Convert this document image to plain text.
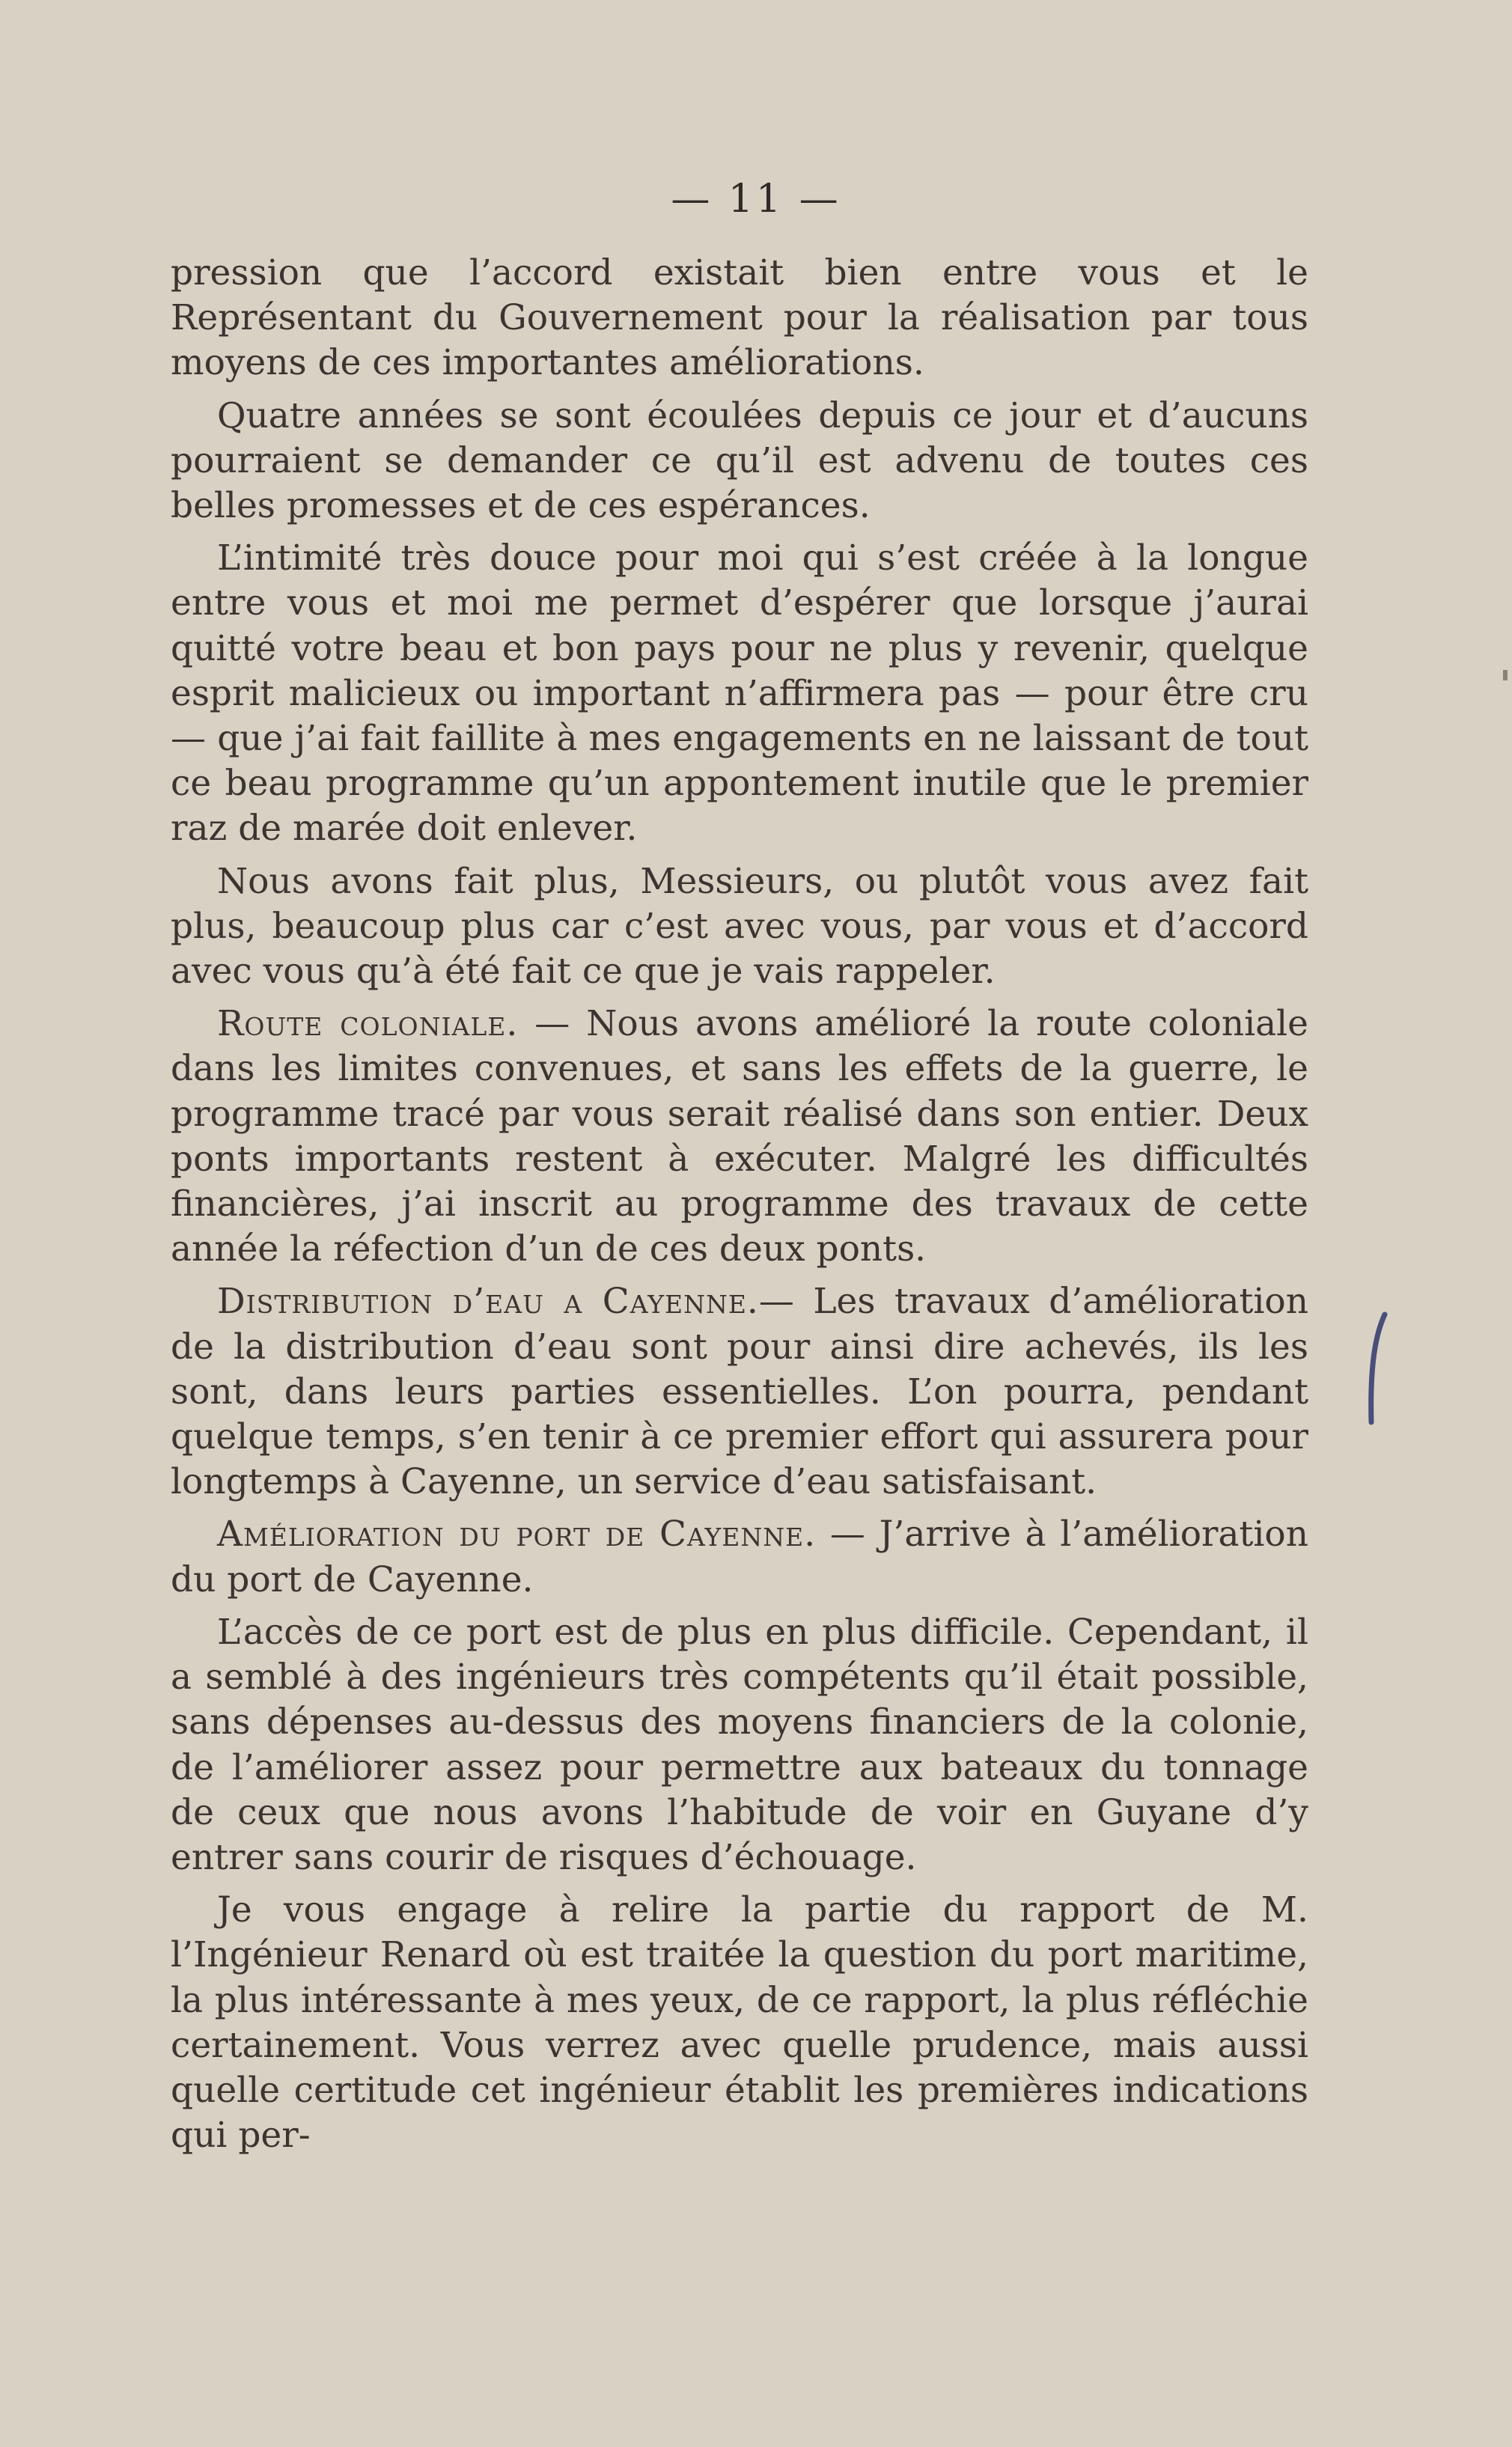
— 11 —

pression que l’accord existait bien entre vous et le Représentant du Gouvernement pour la réalisation par tous moyens de ces importantes améliorations.

Quatre années se sont écoulées depuis ce jour et d’aucuns pourraient se demander ce qu’il est advenu de toutes ces belles promesses et de ces espérances.

L’intimité très douce pour moi qui s’est créée à la longue entre vous et moi me permet d’espérer que lorsque j’aurai quitté votre beau et bon pays pour ne plus y revenir, quelque esprit malicieux ou important n’affirmera pas — pour être cru — que j’ai fait faillite à mes engagements en ne laissant de tout ce beau programme qu’un appontement inutile que le premier raz de marée doit enlever.

Nous avons fait plus, Messieurs, ou plutôt vous avez fait plus, beaucoup plus car c’est avec vous, par vous et d’accord avec vous qu’à été fait ce que je vais rappeler.

Route coloniale. — Nous avons amélioré la route coloniale dans les limites convenues, et sans les effets de la guerre, le programme tracé par vous serait réalisé dans son entier. Deux ponts importants restent à exécuter. Malgré les difficultés financières, j’ai inscrit au programme des travaux de cette année la réfection d’un de ces deux ponts.

Distribution d’eau a Cayenne.— Les travaux d’amélioration de la distribution d’eau sont pour ainsi dire achevés, ils les sont, dans leurs parties essentielles. L’on pourra, pendant quelque temps, s’en tenir à ce premier effort qui assurera pour longtemps à Cayenne, un service d’eau satisfaisant.

Amélioration du port de Cayenne. — J’arrive à l’amélioration du port de Cayenne.

L’accès de ce port est de plus en plus difficile. Cependant, il a semblé à des ingénieurs très compétents qu’il était possible, sans dépenses au-dessus des moyens financiers de la colonie, de l’améliorer assez pour permettre aux bateaux du tonnage de ceux que nous avons l’habitude de voir en Guyane d’y entrer sans courir de risques d’échouage.

Je vous engage à relire la partie du rapport de M. l’Ingénieur Renard où est traitée la question du port maritime, la plus intéressante à mes yeux, de ce rapport, la plus réfléchie certainement. Vous verrez avec quelle prudence, mais aussi quelle certitude cet ingénieur établit les premières indications qui per-
